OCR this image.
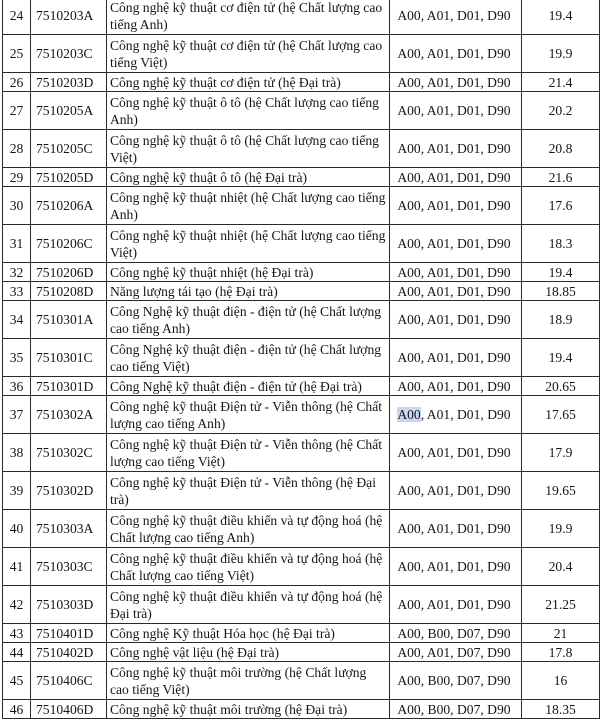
24	7510203A	Công nghệ kỹ thuật cơ điện tử (hệ Chất lượng cao tiếng Anh)	A00, A01, D01, D90	19.4
25	7510203C	Công nghệ kỹ thuật cơ điện tử (hệ Chất lượng cao tiếng Việt)	A00, A01, D01, D90	19.9
26	7510203D	Công nghệ kỹ thuật cơ điện tử (hệ Đại trà)	A00, A01, D01, D90	21.4
27	7510205A	Công nghệ kỹ thuật ô tô (hệ Chất lượng cao tiếng Anh)	A00, A01, D01, D90	20.2
28	7510205C	Công nghệ kỹ thuật ô tô (hệ Chất lượng cao tiếng Việt)	A00, A01, D01, D90	20.8
29	7510205D	Công nghệ kỹ thuật ô tô (hệ Đại trà)	A00, A01, D01, D90	21.6
30	7510206A	Công nghệ kỹ thuật nhiệt (hệ Chất lượng cao tiếng Anh)	A00, A01, D01, D90	17.6
31	7510206C	Công nghệ kỹ thuật nhiệt (hệ Chất lượng cao tiếng Việt)	A00, A01, D01, D90	18.3
32	7510206D	Công nghệ kỹ thuật nhiệt (hệ Đại trà)	A00, A01, D01, D90	19.4
33	7510208D	Năng lượng tái tạo (hệ Đại trà)	A00, A01, D01, D90	18.85
34	7510301A	Công Nghệ kỹ thuật điện - điện tử (hệ Chất lượng cao tiếng Anh)	A00, A01, D01, D90	18.9
35	7510301C	Công Nghệ kỹ thuật điện - điện tử (hệ Chất lượng cao tiếng Việt)	A00, A01, D01, D90	19.4
36	7510301D	Công Nghệ kỹ thuật điện - điện tử (hệ Đại trà)	A00, A01, D01, D90	20.65
37	7510302A	Công nghệ kỹ thuật Điện tử - Viễn thông (hệ Chất lượng cao tiếng Anh)	A00, A01, D01, D90	17.65
38	7510302C	Công nghệ kỹ thuật Điện tử - Viễn thông (hệ Chất lượng cao tiếng Việt)	A00, A01, D01, D90	17.9
39	7510302D	Công nghệ kỹ thuật Điện tử - Viễn thông (hệ Đại trà)	A00, A01, D01, D90	19.65
40	7510303A	Công nghệ kỹ thuật điều khiển và tự động hoá (hệ Chất lượng cao tiếng Anh)	A00, A01, D01, D90	19.9
41	7510303C	Công nghệ kỹ thuật điều khiển và tự động hoá (hệ Chất lượng cao tiếng Việt)	A00, A01, D01, D90	20.4
42	7510303D	Công nghệ kỹ thuật điều khiển và tự động hoá (hệ Đại trà)	A00, A01, D01, D90	21.25
43	7510401D	Công nghệ Kỹ thuật Hóa học (hệ Đại trà)	A00, B00, D07, D90	21
44	7510402D	Công nghệ vật liệu (hệ Đại trà)	A00, A01, D07, D90	17.8
45	7510406C	Công nghệ kỹ thuật môi trường (hệ Chất lượng cao tiếng Việt)	A00, B00, D07, D90	16
46	7510406D	Công nghệ kỹ thuật môi trường (hệ Đại trà)	A00, B00, D07, D90	18.35
